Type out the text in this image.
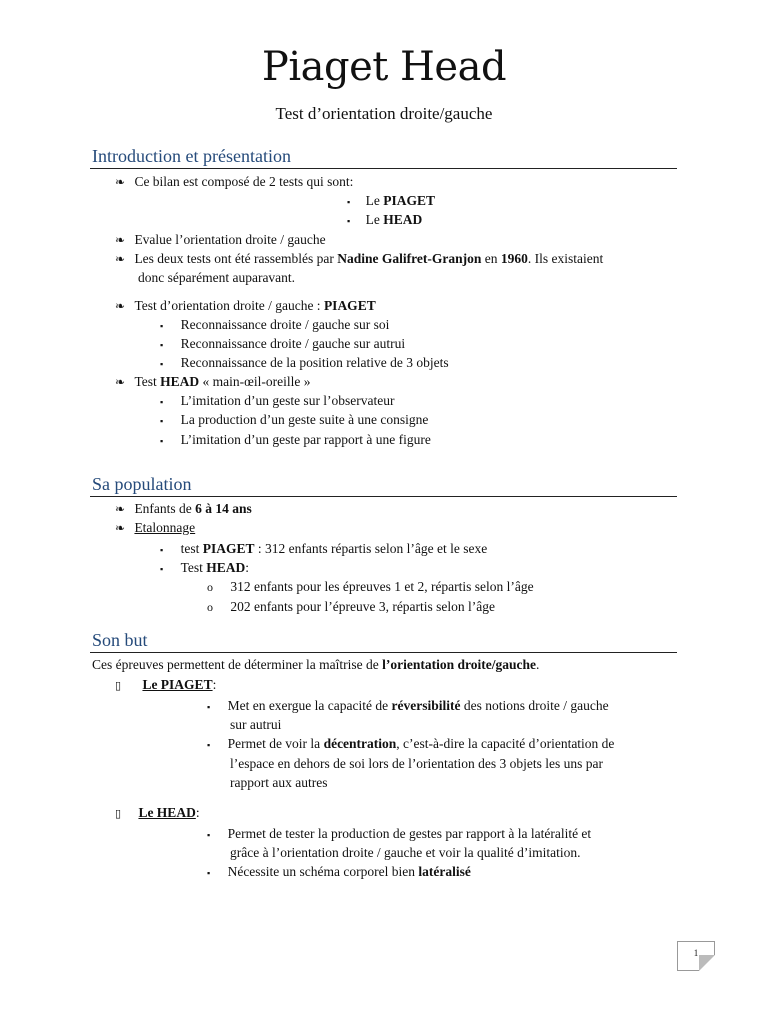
Piaget Head
Test d’orientation droite/gauche
Introduction et présentation
❧ Ce bilan est composé de 2 tests qui sont:
▪ Le PIAGET
▪ Le HEAD
❧ Evalue l’orientation droite / gauche
❧ Les deux tests ont été rassemblés par Nadine Galifret-Granjon en 1960. Ils existaient
donc séparément auparavant.
❧ Test d’orientation droite / gauche : PIAGET
▪ Reconnaissance droite / gauche sur soi
▪ Reconnaissance droite / gauche sur autrui
▪ Reconnaissance de la position relative de 3 objets
❧ Test HEAD « main-œil-oreille »
▪ L’imitation d’un geste sur l’observateur
▪ La production d’un geste suite à une consigne
▪ L’imitation d’un geste par rapport à une figure
Sa population
❧ Enfants de 6 à 14 ans
❧ Etalonnage
▪ test PIAGET : 312 enfants répartis selon l’âge et le sexe
▪ Test HEAD:
o 312 enfants pour les épreuves 1 et 2, répartis selon l’âge
o 202 enfants pour l’épreuve 3, répartis selon l’âge
Son but
Ces épreuves permettent de déterminer la maîtrise de l’orientation droite/gauche.
▯ Le PIAGET:
▪ Met en exergue la capacité de réversibilité des notions droite / gauche
sur autrui
▪ Permet de voir la décentration, c’est-à-dire la capacité d’orientation de
l’espace en dehors de soi lors de l’orientation des 3 objets les uns par
rapport aux autres
▯ Le HEAD:
▪ Permet de tester la production de gestes par rapport à la latéralité et
grâce à l’orientation droite / gauche et voir la qualité d’imitation.
▪ Nécessite un schéma corporel bien latéralisé
1
